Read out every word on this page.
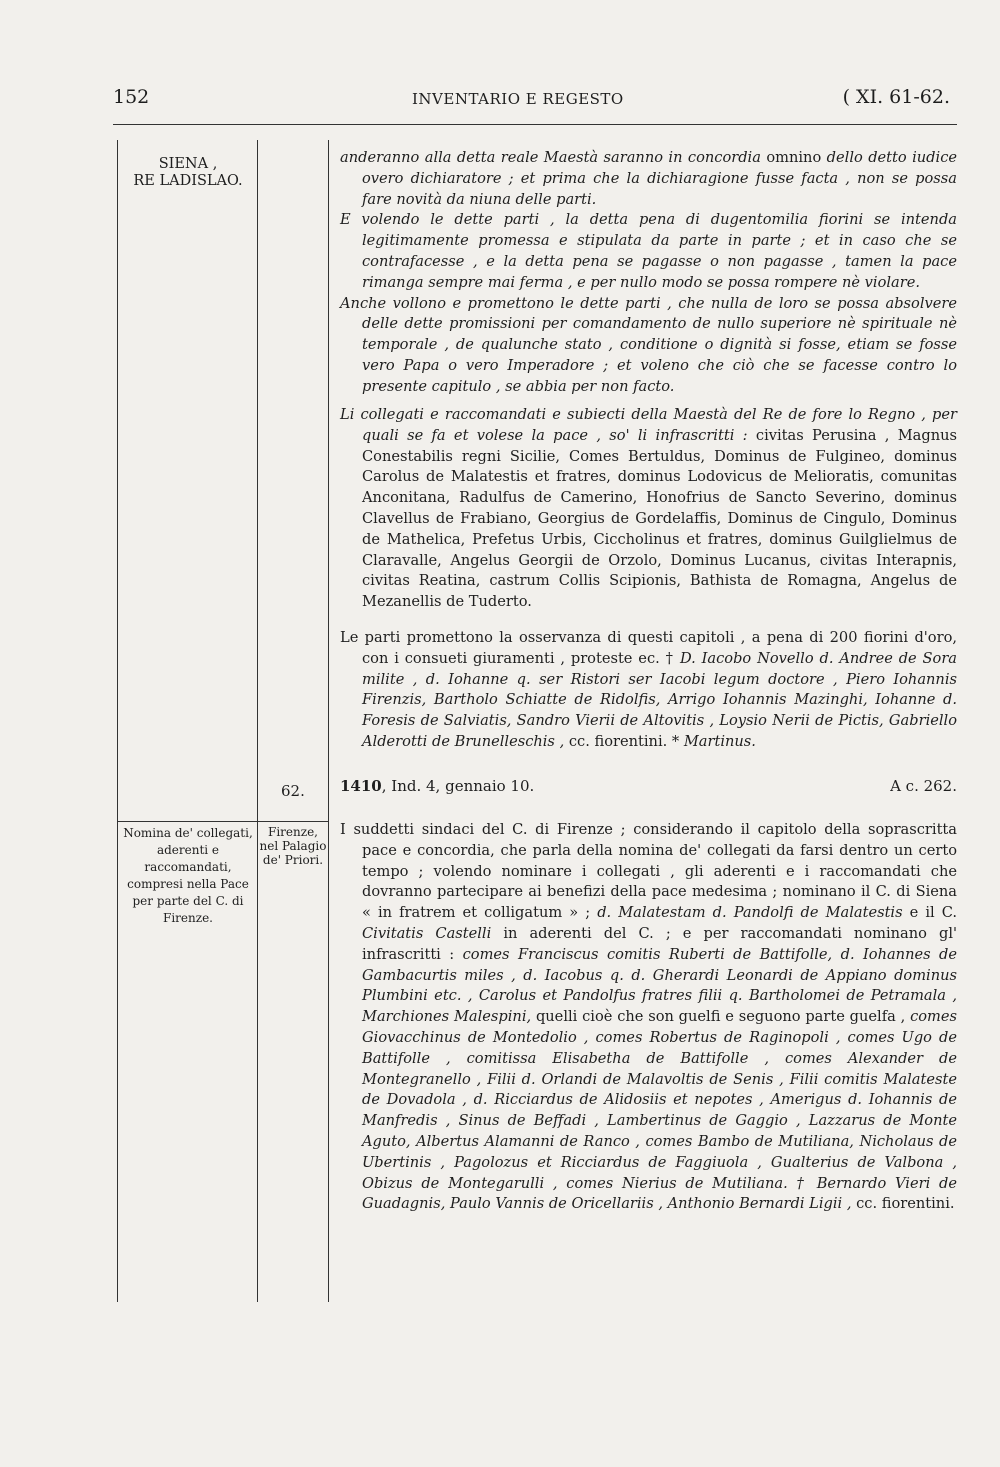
152	INVENTARIO E REGESTO	( XI. 61-62.
SIENA ,
RE LADISLAO.

anderanno alla detta reale Maestà saranno in concordia omnino dello detto iudice overo dichiaratore ; et prima che la dichiaragione fusse facta , non se possa fare novità da niuna delle parti.

E volendo le dette parti , la detta pena di dugentomilia fiorini se intenda legitimamente promessa e stipulata da parte in parte ; et in caso che se contrafacesse , e la detta pena se pagasse o non pagasse , tamen la pace rimanga sempre mai ferma , e per nullo modo se possa rompere nè violare.

Anche vollono e promettono le dette parti , che nulla de loro se possa absolvere delle dette promissioni per comandamento de nullo superiore nè spirituale nè temporale , de qualunche stato , conditione o dignità si fosse, etiam se fosse vero Papa o vero Imperadore ; et voleno che ciò che se facesse contro lo presente capitulo , se abbia per non facto.

Li collegati e raccomandati e subiecti della Maestà del Re de fore lo Regno , per quali se fa et volese la pace , so' li infrascritti : civitas Perusina , Magnus Conestabilis regni Sicilie, Comes Bertuldus, Dominus de Fulgineo, dominus Carolus de Malatestis et fratres, dominus Lodovicus de Melioratis, comunitas Anconitana, Radulfus de Camerino, Honofrius de Sancto Severino, dominus Clavellus de Frabiano, Georgius de Gordelaffis, Dominus de Cingulo, Dominus de Mathelica, Prefetus Urbis, Ciccholinus et fratres, dominus Guilglielmus de Claravalle, Angelus Georgii de Orzolo, Dominus Lucanus, civitas Interapnis, civitas Reatina, castrum Collis Scipionis, Bathista de Romagna, Angelus de Mezanellis de Tuderto.

Le parti promettono la osservanza di questi capitoli , a pena di 200 fiorini d'oro, con i consueti giuramenti , proteste ec. † D. Iacobo Novello d. Andree de Sora milite , d. Iohanne q. ser Ristori ser Iacobi legum doctore , Piero Iohannis Firenzis, Bartholo Schiatte de Ridolfis, Arrigo Iohannis Mazinghi, Iohanne d. Foresis de Salviatis, Sandro Vierii de Altovitis , Loysio Nerii de Pictis, Gabriello Alderotti de Brunelleschis , cc. fiorentini. * Martinus.

62. 1410, Ind. 4, gennaio 10.	A c. 262.
Nomina de' collegati, aderenti e raccomandati, compresi nella Pace per parte del C. di Firenze.
Firenze, nel Palagio de' Priori.

I suddetti sindaci del C. di Firenze ; considerando il capitolo della soprascritta pace e concordia, che parla della nomina de' collegati da farsi dentro un certo tempo ; volendo nominare i collegati , gli aderenti e i raccomandati che dovranno partecipare ai benefizi della pace medesima ; nominano il C. di Siena « in fratrem et colligatum » ; d. Malatestam d. Pandolfi de Malatestis e il C. Civitatis Castelli in aderenti del C. ; e per raccomandati nominano gl' infrascritti : comes Franciscus comitis Ruberti de Battifolle, d. Iohannes de Gambacurtis miles , d. Iacobus q. d. Gherardi Leonardi de Appiano dominus Plumbini etc. , Carolus et Pandolfus fratres filii q. Bartholomei de Petramala , Marchiones Malespini, quelli cioè che son guelfi e seguono parte guelfa , comes Giovacchinus de Montedolio , comes Robertus de Raginopoli , comes Ugo de Battifolle , comitissa Elisabetha de Battifolle , comes Alexander de Montegranello , Filii d. Orlandi de Malavoltis de Senis , Filii comitis Malateste de Dovadola , d. Ricciardus de Alidosiis et nepotes , Amerigus d. Iohannis de Manfredis , Sinus de Beffadi , Lambertinus de Gaggio , Lazzarus de Monte Aguto, Albertus Alamanni de Ranco , comes Bambo de Mutiliana, Nicholaus de Ubertinis , Pagolozus et Ricciardus de Faggiuola , Gualterius de Valbona , Obizus de Montegarulli , comes Nierius de Mutiliana. † Bernardo Vieri de Guadagnis, Paulo Vannis de Oricellariis , Anthonio Bernardi Ligii , cc. fiorentini.
